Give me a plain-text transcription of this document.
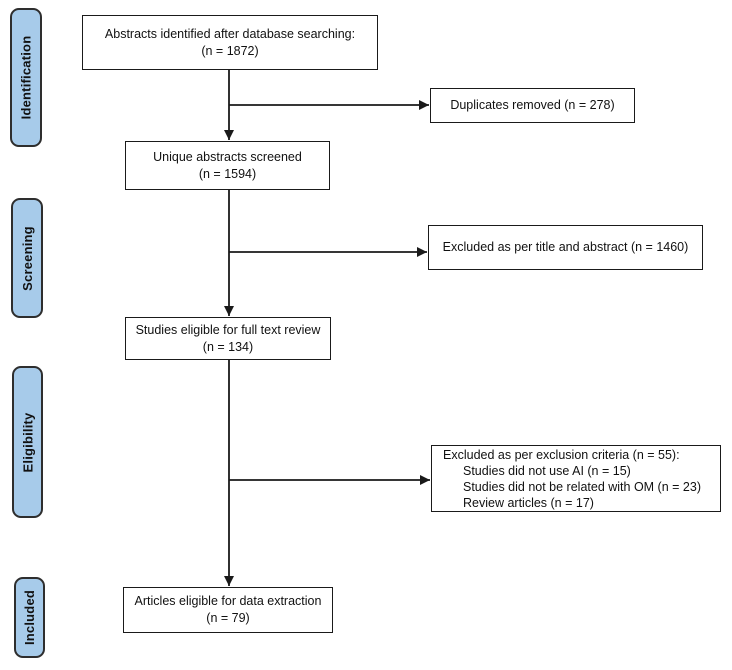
Identification
Screening
Eligibility
Included
Abstracts identified after database searching:
(n = 1872)
Duplicates removed (n = 278)
Unique abstracts screened
(n = 1594)
Excluded as per title and abstract (n = 1460)
Studies eligible for full text review
(n = 134)
Excluded as per exclusion criteria (n = 55):
Studies did not use AI (n = 15)
Studies did not be related with OM (n = 23)
Review articles (n = 17)
Articles eligible for data extraction
(n = 79)
